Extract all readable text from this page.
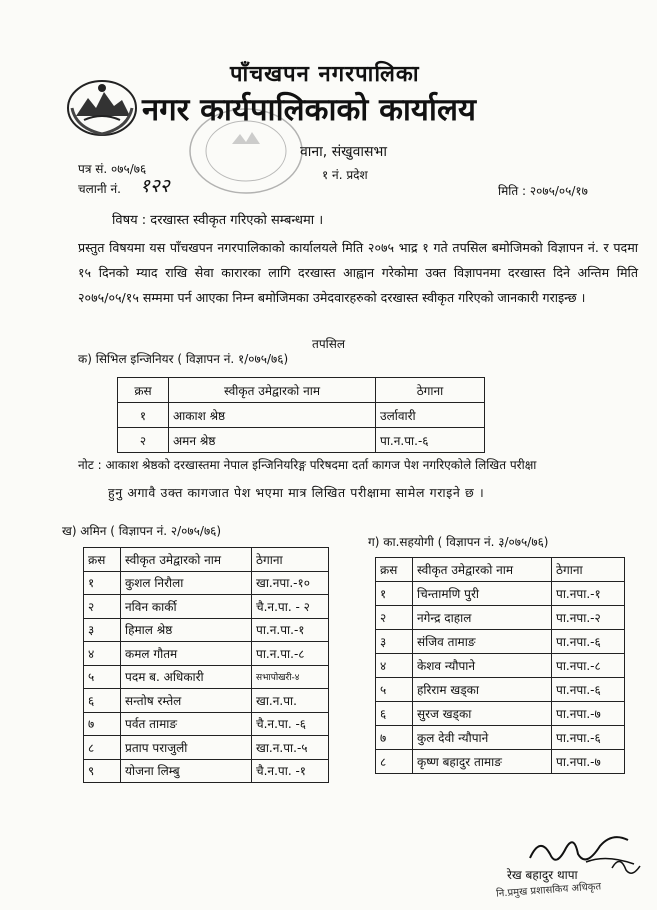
पाँचखपन नगरपालिका
नगर कार्यपालिकाको कार्यालय
वाना, संखुवासभा
१ नं. प्रदेश
पत्र सं. ०७५/७६
चलानी नं. १२२	मिति : २०७५/०५/१७
विषय : दरखास्त स्वीकृत गरिएको सम्बन्धमा ।
प्रस्तुत विषयमा यस पाँचखपन नगरपालिकाको कार्यालयले मिति २०७५ भाद्र १ गते तपसिल बमोजिमको विज्ञापन नं. र पदमा १५ दिनको म्याद राखि सेवा कारारका लागि दरखास्त आह्वान गरेकोमा उक्त विज्ञापनमा दरखास्त दिने अन्तिम मिति २०७५/०५/१५ सम्ममा पर्न आएका निम्न बमोजिमका उमेदवारहरुको दरखास्त स्वीकृत गरिएको जानकारी गराइन्छ ।
तपसिल
क) सिभिल इन्जिनियर ( विज्ञापन नं. १/०७५/७६)
क्रस	स्वीकृत उमेद्वारको नाम	ठेगाना
१	आकाश श्रेष्ठ	उर्लावारी
२	अमन श्रेष्ठ	पा.न.पा.-६
नोट : आकाश श्रेष्ठको दरखास्तमा नेपाल इन्जिनियरिङ्ग परिषदमा दर्ता कागज पेश नगरिएकोले लिखित परीक्षा
हुनु अगावै उक्त कागजात पेश भएमा मात्र लिखित परीक्षामा सामेल गराइने छ ।
ख) अमिन ( विज्ञापन नं. २/०७५/७६)
क्रस	स्वीकृत उमेद्वारको नाम	ठेगाना
१	कुशल निरौला	खा.नपा.-१०
२	नविन कार्की	चै.न.पा. - २
३	हिमाल श्रेष्ठ	पा.न.पा.-१
४	कमल गौतम	पा.न.पा.-८
५	पदम ब. अधिकारी	सभापोखरी-४
६	सन्तोष रम्तेल	खा.न.पा.
७	पर्वत तामाङ	चै.न.पा. -६
८	प्रताप पराजुली	खा.न.पा.-५
९	योजना लिम्बु	चै.न.पा. -१
ग) का.सहयोगी ( विज्ञापन नं. ३/०७५/७६)
क्रस	स्वीकृत उमेद्वारको नाम	ठेगाना
१	चिन्तामणि पुरी	पा.नपा.-१
२	नगेन्द्र दाहाल	पा.नपा.-२
३	संजिव तामाङ	पा.नपा.-६
४	केशव न्यौपाने	पा.नपा.-८
५	हरिराम खड्का	पा.नपा.-६
६	सुरज खड्का	पा.नपा.-७
७	कुल देवी न्यौपाने	पा.नपा.-६
८	कृष्ण बहादुर तामाङ	पा.नपा.-७
रेख बहादुर थापा
नि.प्रमुख प्रशासकिय अधिकृत
